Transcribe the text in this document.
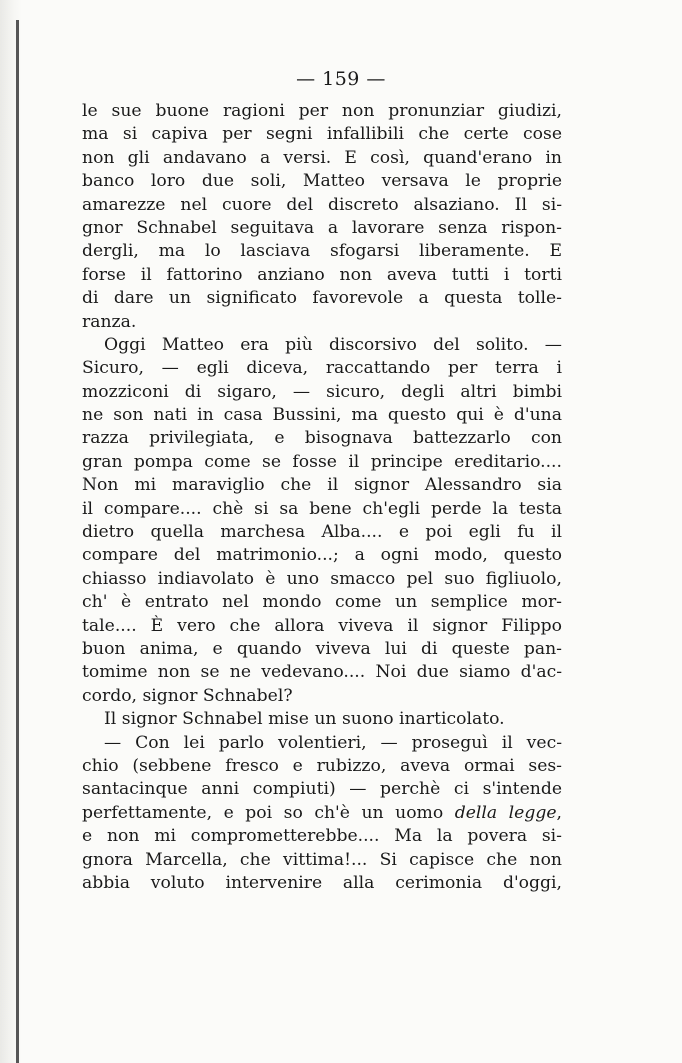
— 159 —
le sue buone ragioni per non pronunziar giudizi,
ma si capiva per segni infallibili che certe cose
non gli andavano a versi. E così, quand'erano in
banco loro due soli, Matteo versava le proprie
amarezze nel cuore del discreto alsaziano. Il si-
gnor Schnabel seguitava a lavorare senza rispon-
dergli, ma lo lasciava sfogarsi liberamente. E
forse il fattorino anziano non aveva tutti i torti
di dare un significato favorevole a questa tolle-
ranza.
Oggi Matteo era più discorsivo del solito. —
Sicuro, — egli diceva, raccattando per terra i
mozziconi di sigaro, — sicuro, degli altri bimbi
ne son nati in casa Bussini, ma questo qui è d'una
razza privilegiata, e bisognava battezzarlo con
gran pompa come se fosse il principe ereditario....
Non mi maraviglio che il signor Alessandro sia
il compare.... chè si sa bene ch'egli perde la testa
dietro quella marchesa Alba.... e poi egli fu il
compare del matrimonio...; a ogni modo, questo
chiasso indiavolato è uno smacco pel suo figliuolo,
ch' è entrato nel mondo come un semplice mor-
tale.... È vero che allora viveva il signor Filippo
buon anima, e quando viveva lui di queste pan-
tomime non se ne vedevano.... Noi due siamo d'ac-
cordo, signor Schnabel?
Il signor Schnabel mise un suono inarticolato.
— Con lei parlo volentieri, — proseguì il vec-
chio (sebbene fresco e rubizzo, aveva ormai ses-
santacinque anni compiuti) — perchè ci s'intende
perfettamente, e poi so ch'è un uomo della legge,
e non mi comprometterebbe.... Ma la povera si-
gnora Marcella, che vittima!... Si capisce che non
abbia voluto intervenire alla cerimonia d'oggi,
